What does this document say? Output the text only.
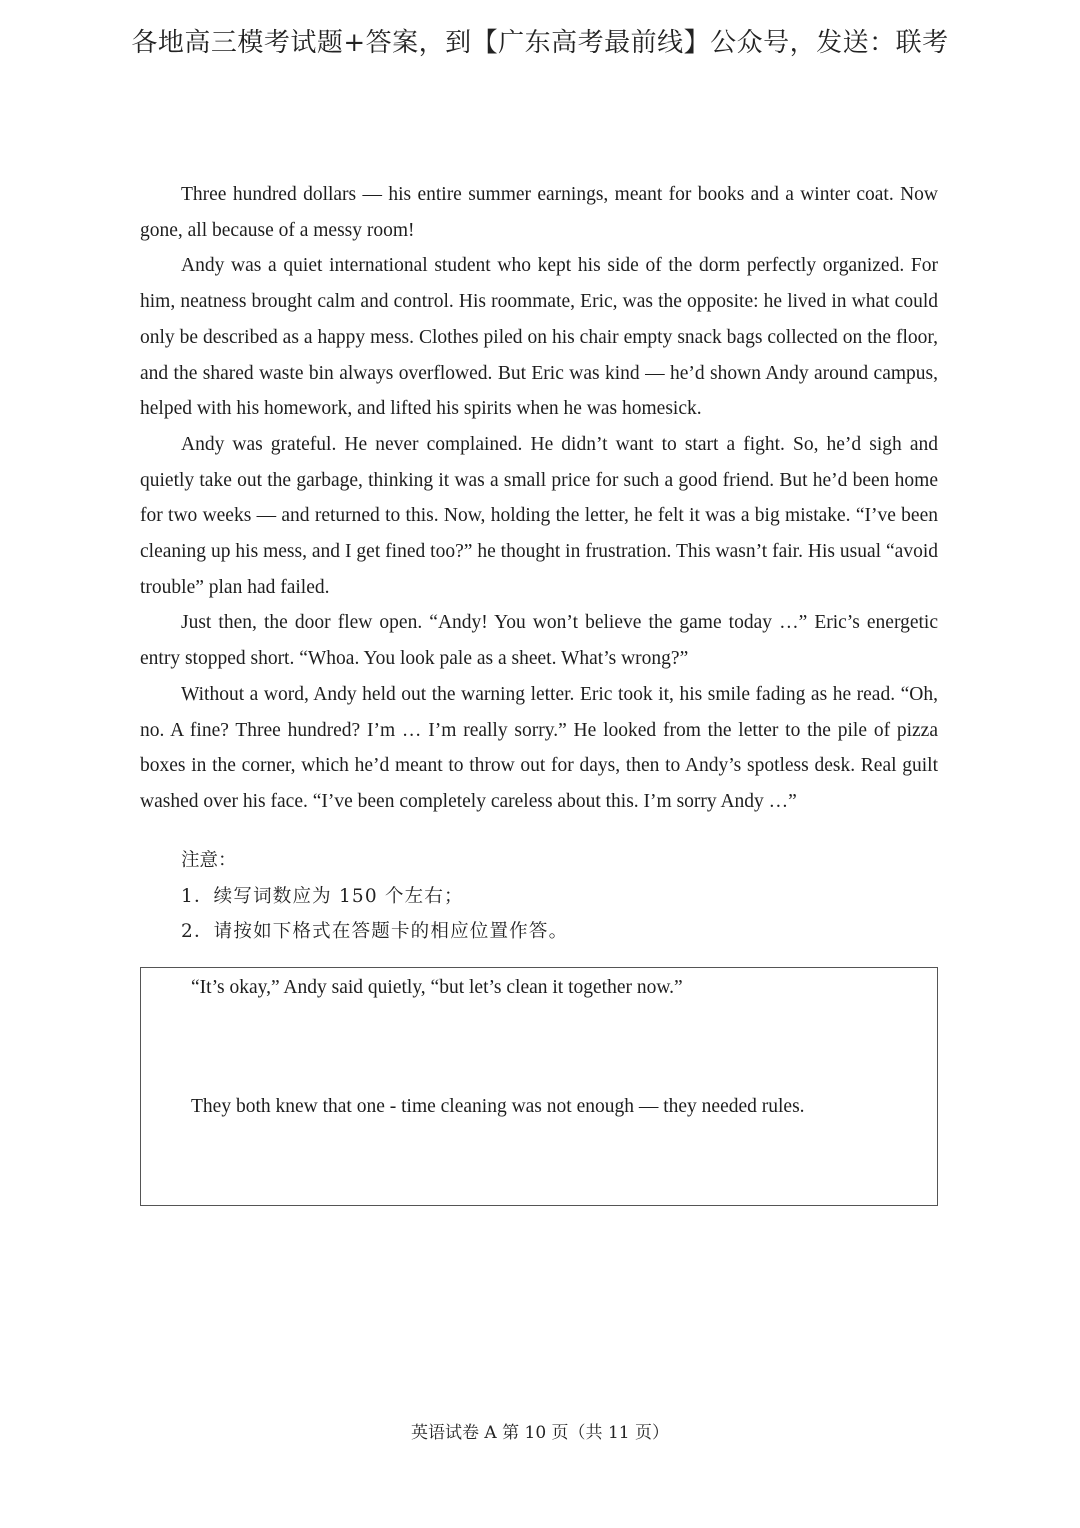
各地高三模考试题+答案，到【广东高考最前线】公众号，发送：联考

Three hundred dollars — his entire summer earnings, meant for books and a winter coat. Now gone, all because of a messy room!

Andy was a quiet international student who kept his side of the dorm perfectly organized. For him, neatness brought calm and control. His roommate, Eric, was the opposite: he lived in what could only be described as a happy mess. Clothes piled on his chair empty snack bags collected on the floor, and the shared waste bin always overflowed. But Eric was kind — he’d shown Andy around campus, helped with his homework, and lifted his spirits when he was homesick.

Andy was grateful. He never complained. He didn’t want to start a fight. So, he’d sigh and quietly take out the garbage, thinking it was a small price for such a good friend. But he’d been home for two weeks — and returned to this. Now, holding the letter, he felt it was a big mistake. “I’ve been cleaning up his mess, and I get fined too?” he thought in frustration. This wasn’t fair. His usual “avoid trouble” plan had failed.

Just then, the door flew open. “Andy! You won’t believe the game today …” Eric’s energetic entry stopped short. “Whoa. You look pale as a sheet. What’s wrong?”

Without a word, Andy held out the warning letter. Eric took it, his smile fading as he read. “Oh, no. A fine? Three hundred? I’m … I’m really sorry.” He looked from the letter to the pile of pizza boxes in the corner, which he’d meant to throw out for days, then to Andy’s spotless desk. Real guilt washed over his face. “I’ve been completely careless about this. I’m sorry Andy …”

注意：
1．续写词数应为 150 个左右；
2．请按如下格式在答题卡的相应位置作答。
“It’s okay,” Andy said quietly, “but let’s clean it together now.”
They both knew that one - time cleaning was not enough — they needed rules.
英语试卷 A 第 10 页（共 11 页）
